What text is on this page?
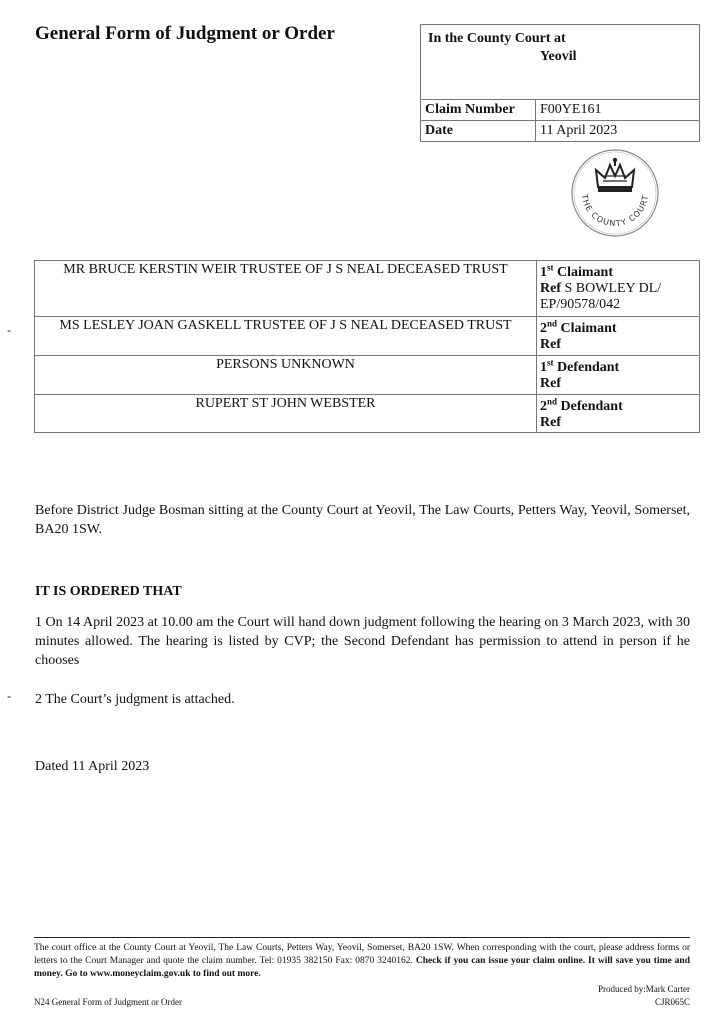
General Form of Judgment or Order	In the County Court at
Yeovil	

Claim Number	F00YE161
Date	11 April 2023
THE COUNTY COURT
MR BRUCE KERSTIN WEIR TRUSTEE OF J S NEAL DECEASED TRUST	1st Claimant
Ref S BOWLEY DL/ EP/90578/042

MS LESLEY JOAN GASKELL TRUSTEE OF J S NEAL DECEASED TRUST	2nd Claimant
Ref

PERSONS UNKNOWN	1st Defendant
Ref

RUPERT ST JOHN WEBSTER	2nd Defendant
Ref
-
-
Before District Judge Bosman sitting at the County Court at Yeovil, The Law Courts, Petters Way, Yeovil, Somerset, BA20 1SW.
IT IS ORDERED THAT
1 On 14 April 2023 at 10.00 am the Court will hand down judgment following the hearing on 3 March 2023, with 30 minutes allowed. The hearing is listed by CVP; the Second Defendant has permission to attend in person if he chooses
2 The Court’s judgment is attached.
Dated 11 April 2023
The court office at the County Court at Yeovil, The Law Courts, Petters Way, Yeovil, Somerset, BA20 1SW. When corresponding with the court, please address forms or letters to the Court Manager and quote the claim number. Tel: 01935 382150 Fax: 0870 3240162. Check if you can issue your claim online. It will save you time and money. Go to www.moneyclaim.gov.uk to find out more.
Produced by:Mark Carter
N24 General Form of Judgment or Order	CJR065C
